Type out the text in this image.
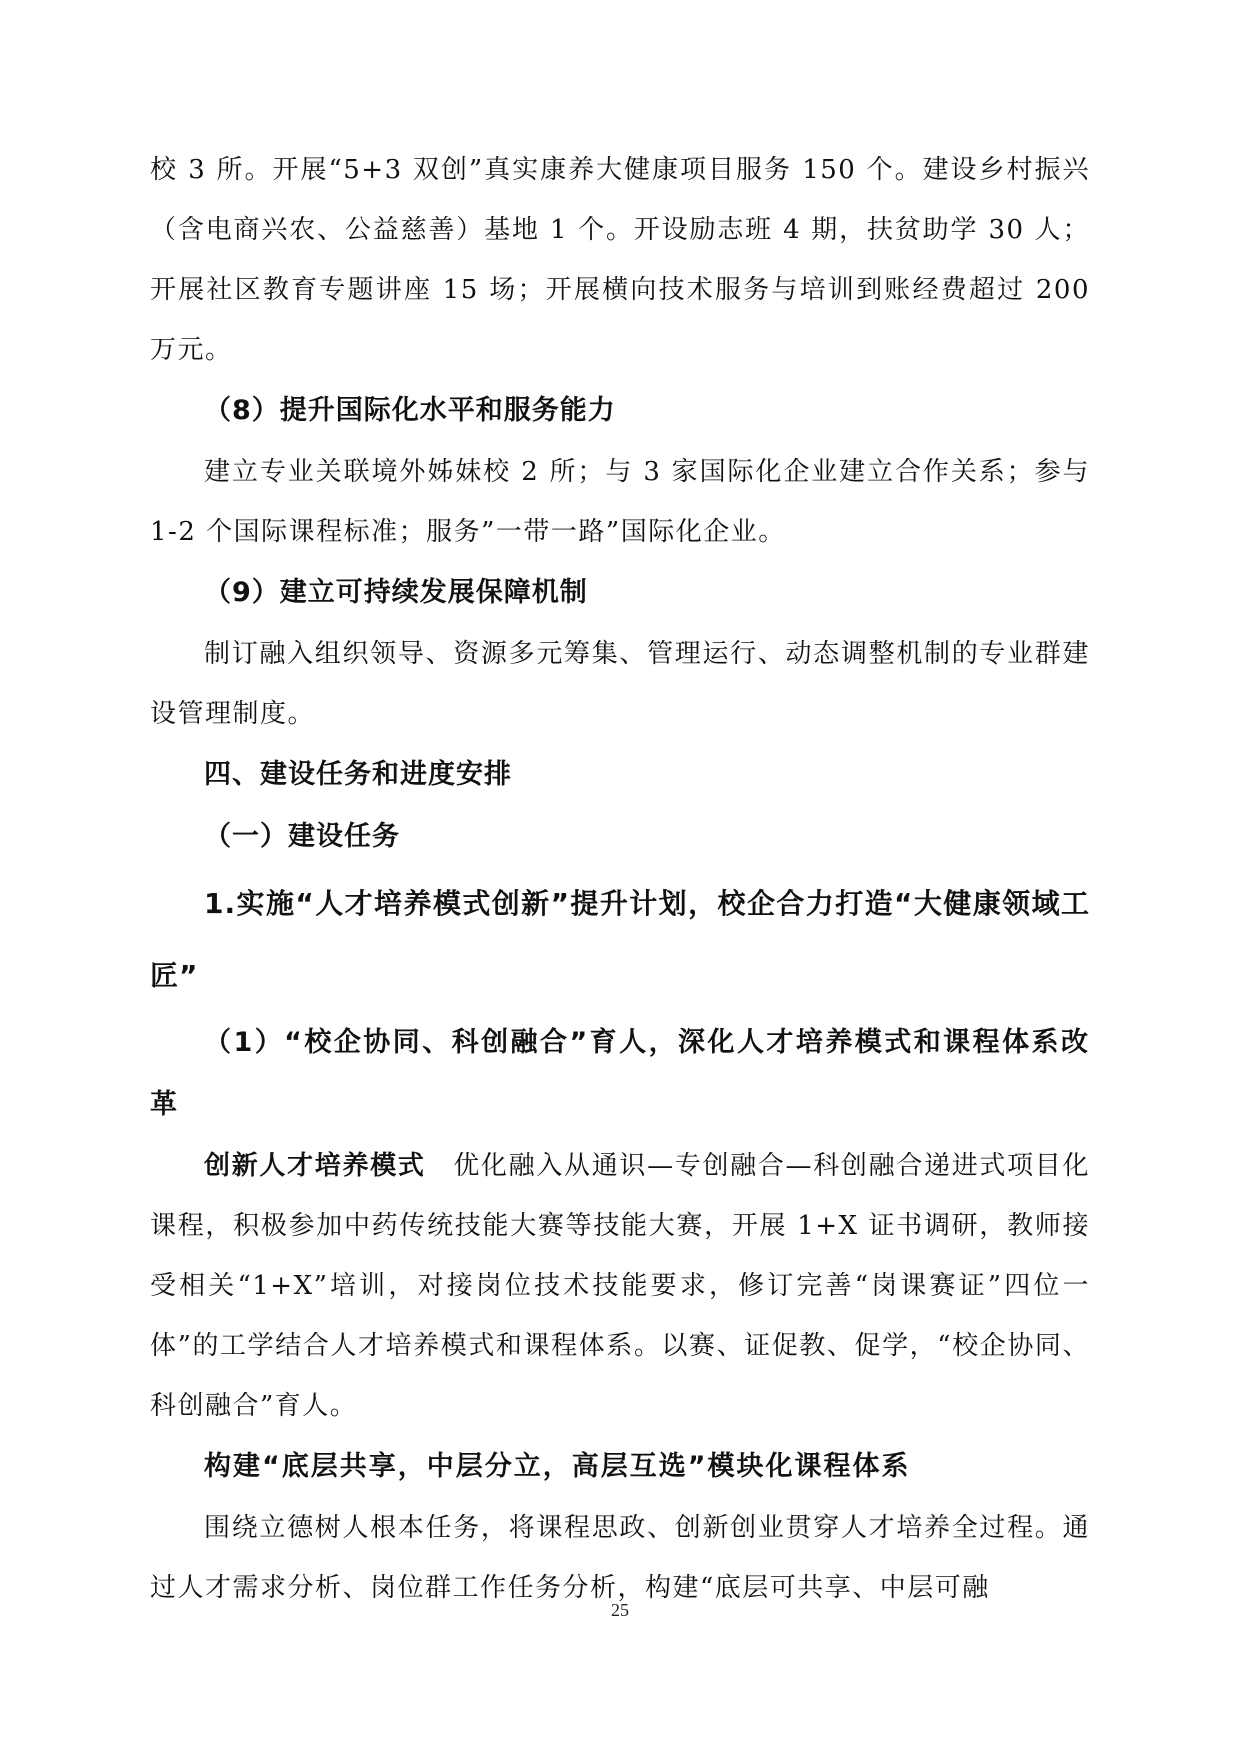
校 3 所。开展“5+3 双创”真实康养大健康项目服务 150 个。建设乡村振兴（含电商兴农、公益慈善）基地 1 个。开设励志班 4 期，扶贫助学 30 人；开展社区教育专题讲座 15 场；开展横向技术服务与培训到账经费超过 200 万元。

（8）提升国际化水平和服务能力

建立专业关联境外姊妹校 2 所；与 3 家国际化企业建立合作关系；参与 1-2 个国际课程标准；服务”一带一路”国际化企业。

（9）建立可持续发展保障机制

制订融入组织领导、资源多元筹集、管理运行、动态调整机制的专业群建设管理制度。

四、建设任务和进度安排

（一）建设任务

1.实施“人才培养模式创新”提升计划，校企合力打造“大健康领域工匠”

（1）“校企协同、科创融合”育人，深化人才培养模式和课程体系改革

创新人才培养模式　优化融入从通识—专创融合—科创融合递进式项目化课程，积极参加中药传统技能大赛等技能大赛，开展 1+X 证书调研，教师接受相关“1+X”培训，对接岗位技术技能要求，修订完善“岗课赛证”四位一体”的工学结合人才培养模式和课程体系。以赛、证促教、促学，“校企协同、科创融合”育人。

构建“底层共享，中层分立，高层互选”模块化课程体系

围绕立德树人根本任务，将课程思政、创新创业贯穿人才培养全过程。通过人才需求分析、岗位群工作任务分析，构建“底层可共享、中层可融

25
